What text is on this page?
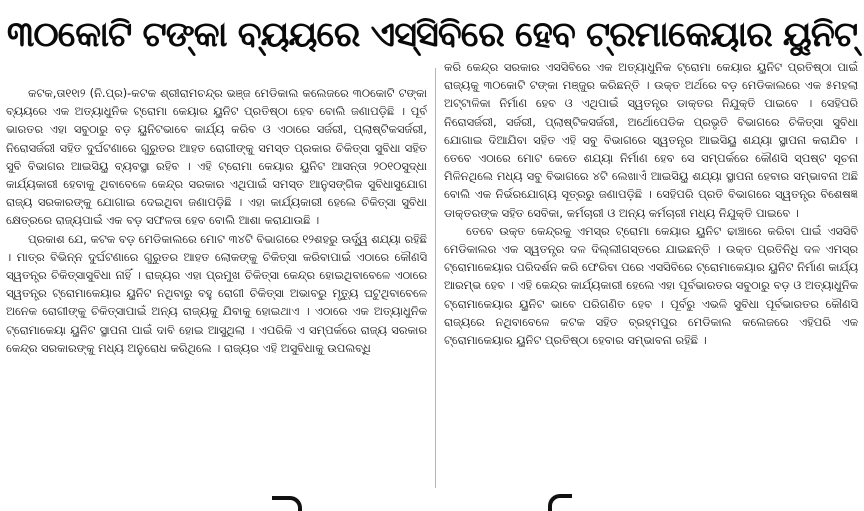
୩୦କୋଟି ଟଙ୍କା ବ୍ୟୟରେ ଏସ୍‌ସିବିରେ ହେବ ଟ୍ରମାକେୟାର ୟୁନିଟ୍

କଟକ,ତା୧୧ା୨ (ନି.ପ୍ର)-କଟକ ଶ୍ରୀରାମଚନ୍ଦ୍ର ଭଞ୍ଜ ମେଡିକାଲ କଲେଜରେ ୩୦କୋଟି ଟଙ୍କା ବ୍ୟୟରେ ଏକ ଅତ୍ୟାଧୁନିକ ଟ୍ରୋମା କେୟାର ୟୁନିଟ ପ୍ରତିଷ୍ଠା ହେବ ବୋଲି ଜଣାପଡ଼ିଛି । ପୂର୍ବ ଭାରତର ଏହା ସବୁଠାରୁ ବଡ଼ ୟୁନିଟଭାବେ କାର୍ଯ୍ୟ କରିବ ଓ ଏଠାରେ ସର୍ଜରୀ, ପ୍ଲାଷ୍ଟିକସର୍ଜରୀ, ନିରୋସର୍ଜରୀ ସହିତ ଦୁର୍ଘଟଣାରେ ଗୁରୁତର ଆହତ ରୋଗୀଙ୍କୁ ସମସ୍ତ ପ୍ରକାର ଚିକିତ୍ସା ସୁବିଧା ସହିତ ସୁବି ବିଭାଗର ଆଇସିୟୁ ବ୍ୟବସ୍ଥା ରହିବ । ଏହି ଟ୍ରୋମା କେୟାର ୟୁନିଟ ଆସନ୍ତା ୨୦୧୦ସୁଦ୍ଧା କାର୍ଯ୍ୟକାରୀ ହେବାକୁ ଥିବାବେଳେ କେନ୍ଦ୍ର ସରକାର ଏଥିପାଇଁ ସମସ୍ତ ଆନୁସଙ୍ଗିକ ସୁବିଧାସୁଯୋଗ ରାଜ୍ୟ ସରକାରଙ୍କୁ ଯୋଗାଇ ଦେଇଥିବା ଜଣାପଡ଼ିଛି । ଏହା କାର୍ଯ୍ୟକାରୀ ହେଲେ ଚିକିତ୍ସା ସୁବିଧା କ୍ଷେତ୍ରରେ ରାଜ୍ୟପାଇଁ ଏକ ବଡ଼ ସଫଳତା ହେବ ବୋଲି ଆଶା କରାଯାଉଛି ।

ପ୍ରକାଶ ଯେ, କଟକ ବଡ଼ ମେଡିକାଲରେ ମୋଟ ୩୪ଟି ବିଭାଗରେ ୧୨ଶହରୁ ଊର୍ଦ୍ଧ୍ୱ ଶଯ୍ୟା ରହିଛି । ମାତ୍ର ବିଭିନ୍ନ ଦୁର୍ଘଟଣାରେ ଗୁରୁତର ଆହତ ଲୋକଙ୍କୁ ଚିକିତ୍ସା କରିବାପାଇଁ ଏଠାରେ କୌଣସି ସ୍ୱତନ୍ତ୍ର ଚିକିତ୍ସାସୁବିଧା ନାହିଁ । ରାଜ୍ୟର ଏହା ପ୍ରମୁଖ ଚିକିତ୍ସା କେନ୍ଦ୍ର ହୋଇଥିବାବେଳେ ଏଠାରେ ସ୍ୱତନ୍ତ୍ର ଟ୍ରୋମାକେୟାର ୟୁନିଟ ନଥିବାରୁ ବହୁ ରୋଗୀ ଚିକିତ୍ସା ଅଭାବରୁ ମୃତ୍ୟୁ ଘଟୁଥିବାବେଳେ ଅନେକ ରୋଗୀଙ୍କୁ ଚିକିତ୍ସାପାଇଁ ଅନ୍ୟ ରାଜ୍ୟକୁ ଯିବାକୁ ହୋଇଥାଏ । ଏଠାରେ ଏକ ଅତ୍ୟାଧୁନିକ ଟ୍ରୋମାକେୟା ୟୁନିଟ ସ୍ଥାପନା ପାଇଁ ଦାବି ହୋଇ ଆସୁଥିଲା । ଏପରିକି ଏ ସମ୍ପର୍କରେ ରାଜ୍ୟ ସରକାର କେନ୍ଦ୍ର ସରକାରଙ୍କୁ ମଧ୍ୟ ଅନୁରୋଧ କରିଥିଲେ । ରାଜ୍ୟର ଏହି ଅସୁବିଧାକୁ ଉପଲବ୍ଧି

କରି କେନ୍ଦ୍ର ସରକାର ଏସସିବିରେ ଏକ ଅତ୍ୟାଧୁନିକ ଟ୍ରୋମା କେୟାର ୟୁନିଟ ପ୍ରତିଷ୍ଠା ପାଇଁ ରାଜ୍ୟକୁ ୩୦କୋଟି ଟଙ୍କା ମଞ୍ଜୁର କରିଛନ୍ତି । ଉକ୍ତ ଅର୍ଥରେ ବଡ଼ ମେଡିକାଲରେ ଏକ ୫ମହଲା ଅଟ୍ଟାଳିକା ନିର୍ମାଣ ହେବ ଓ ଏଥିପାଇଁ ସ୍ୱତନ୍ତ୍ର ଡାକ୍ତର ନିଯୁକ୍ତି ପାଇବେ । ସେହିପରି ନିରୋସର୍ଜରୀ, ସର୍ଜରୀ, ପ୍ଲାଷ୍ଟିକସର୍ଜରୀ, ଅର୍ଥୋପେଡିକ ପ୍ରଭୃତି ବିଭାଗରେ ଚିକିତ୍ସା ସୁବିଧା ଯୋଗାଇ ଦିଆଯିବା ସହିତ ଏହି ସବୁ ବିଭାଗରେ ସ୍ୱତନ୍ତ୍ର ଆଇସିୟୁ ଶଯ୍ୟା ସ୍ଥାପନା କରାଯିବ । ତେବେ ଏଠାରେ ମୋଟ କେତେ ଶଯ୍ୟା ନିର୍ମାଣ ହେବ ସେ ସମ୍ପର୍କରେ କୌଣସି ସ୍ପଷ୍ଟ ସୂଚନା ମିଳିନଥିଲେ ମଧ୍ୟ ସବୁ ବିଭାଗରେ ୪ଟି ଲେଖାଏଁ ଆଇସିୟୁ ଶଯ୍ୟା ସ୍ଥାପନା ହେବାର ସମ୍ଭାବନା ଅଛି ବୋଲି ଏକ ନିର୍ଭରଯୋଗ୍ୟ ସୂତ୍ରରୁ ଜଣାପଡ଼ିଛି । ସେହିପରି ପ୍ରତି ବିଭାଗରେ ସ୍ୱତନ୍ତ୍ର ବିଶେଷଜ୍ଞ ଡାକ୍ତରଙ୍କ ସହିତ ସେବିକା, କର୍ମଚାରୀ ଓ ଅନ୍ୟ କର୍ମଚାରୀ ମଧ୍ୟ ନିଯୁକ୍ତି ପାଇବେ ।

ତେବେ ଉକ୍ତ କେନ୍ଦ୍ରକୁ ଏମସ୍‌ର ଟ୍ରୋମା କେୟାର ୟୁନିଟ ଢାଞ୍ଚାରେ କରିବା ପାଇଁ ଏସସିବି ମେଡିକାଲର ଏକ ସ୍ୱତନ୍ତ୍ର ଦଳ ଦିଲ୍ଲୀଗସ୍ତରେ ଯାଇଛନ୍ତି । ଉକ୍ତ ପ୍ରତିନିଧି ଦଳ ଏମସ୍‌ର ଟ୍ରୋମାକେୟାର ପରିଦର୍ଶନ କରି ଫେରିବା ପରେ ଏସସିବିରେ ଟ୍ରୋମାକେୟାର ୟୁନିଟ ନିର୍ମାଣ କାର୍ଯ୍ୟ ଆରମ୍ଭ ହେବ । ଏହି କେନ୍ଦ୍ର କାର୍ଯ୍ୟକାରୀ ହେଲେ ଏହା ପୂର୍ବଭାରତର ସବୁଠାରୁ ବଡ଼ ଓ ଅତ୍ୟାଧୁନିକ ଟ୍ରୋମାକେୟାର ୟୁନିଟ ଭାବେ ପରିଗଣିତ ହେବ । ପୂର୍ବରୁ ଏଭଳି ସୁବିଧା ପୂର୍ବଭାରତର କୌଣସି ରାଜ୍ୟରେ ନଥିବାବେଳେ କଟକ ସହିତ ବ୍ରହ୍ମପୁର ମେଡିକାଲ କଲେଜରେ ଏହିପରି ଏକ ଟ୍ରୋମାକେୟାର ୟୁନିଟ ପ୍ରତିଷ୍ଠା ହେବାର ସମ୍ଭାବନା ରହିଛି ।
